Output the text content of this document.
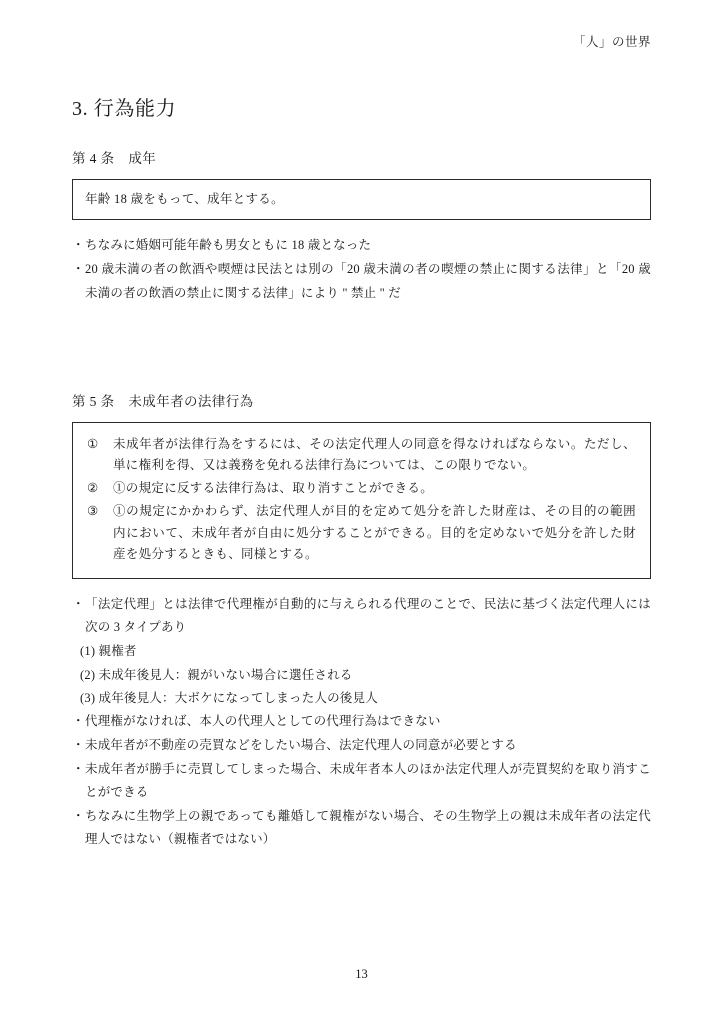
「人」の世界
3. 行為能力
第 4 条　成年
年齢 18 歳をもって、成年とする。
・ ちなみに婚姻可能年齢も男女ともに 18 歳となった
・ 20 歳未満の者の飲酒や喫煙は民法とは別の「20 歳未満の者の喫煙の禁止に関する法律」と「20 歳未満の者の飲酒の禁止に関する法律」により " 禁止 " だ
第 5 条　未成年者の法律行為
①	未成年者が法律行為をするには、その法定代理人の同意を得なければならない。ただし、単に権利を得、又は義務を免れる法律行為については、この限りでない。
②	①の規定に反する法律行為は、取り消すことができる。
③	①の規定にかかわらず、法定代理人が目的を定めて処分を許した財産は、その目的の範囲内において、未成年者が自由に処分することができる。目的を定めないで処分を許した財産を処分するときも、同様とする。
・ 「法定代理」とは法律で代理権が自動的に与えられる代理のことで、民法に基づく法定代理人には次の 3 タイプあり
(1) 親権者
(2) 未成年後見人：親がいない場合に選任される
(3) 成年後見人：大ボケになってしまった人の後見人
・ 代理権がなければ、本人の代理人としての代理行為はできない
・ 未成年者が不動産の売買などをしたい場合、法定代理人の同意が必要とする
・ 未成年者が勝手に売買してしまった場合、未成年者本人のほか法定代理人が売買契約を取り消すことができる
・ ちなみに生物学上の親であっても離婚して親権がない場合、その生物学上の親は未成年者の法定代理人ではない（親権者ではない）
13
